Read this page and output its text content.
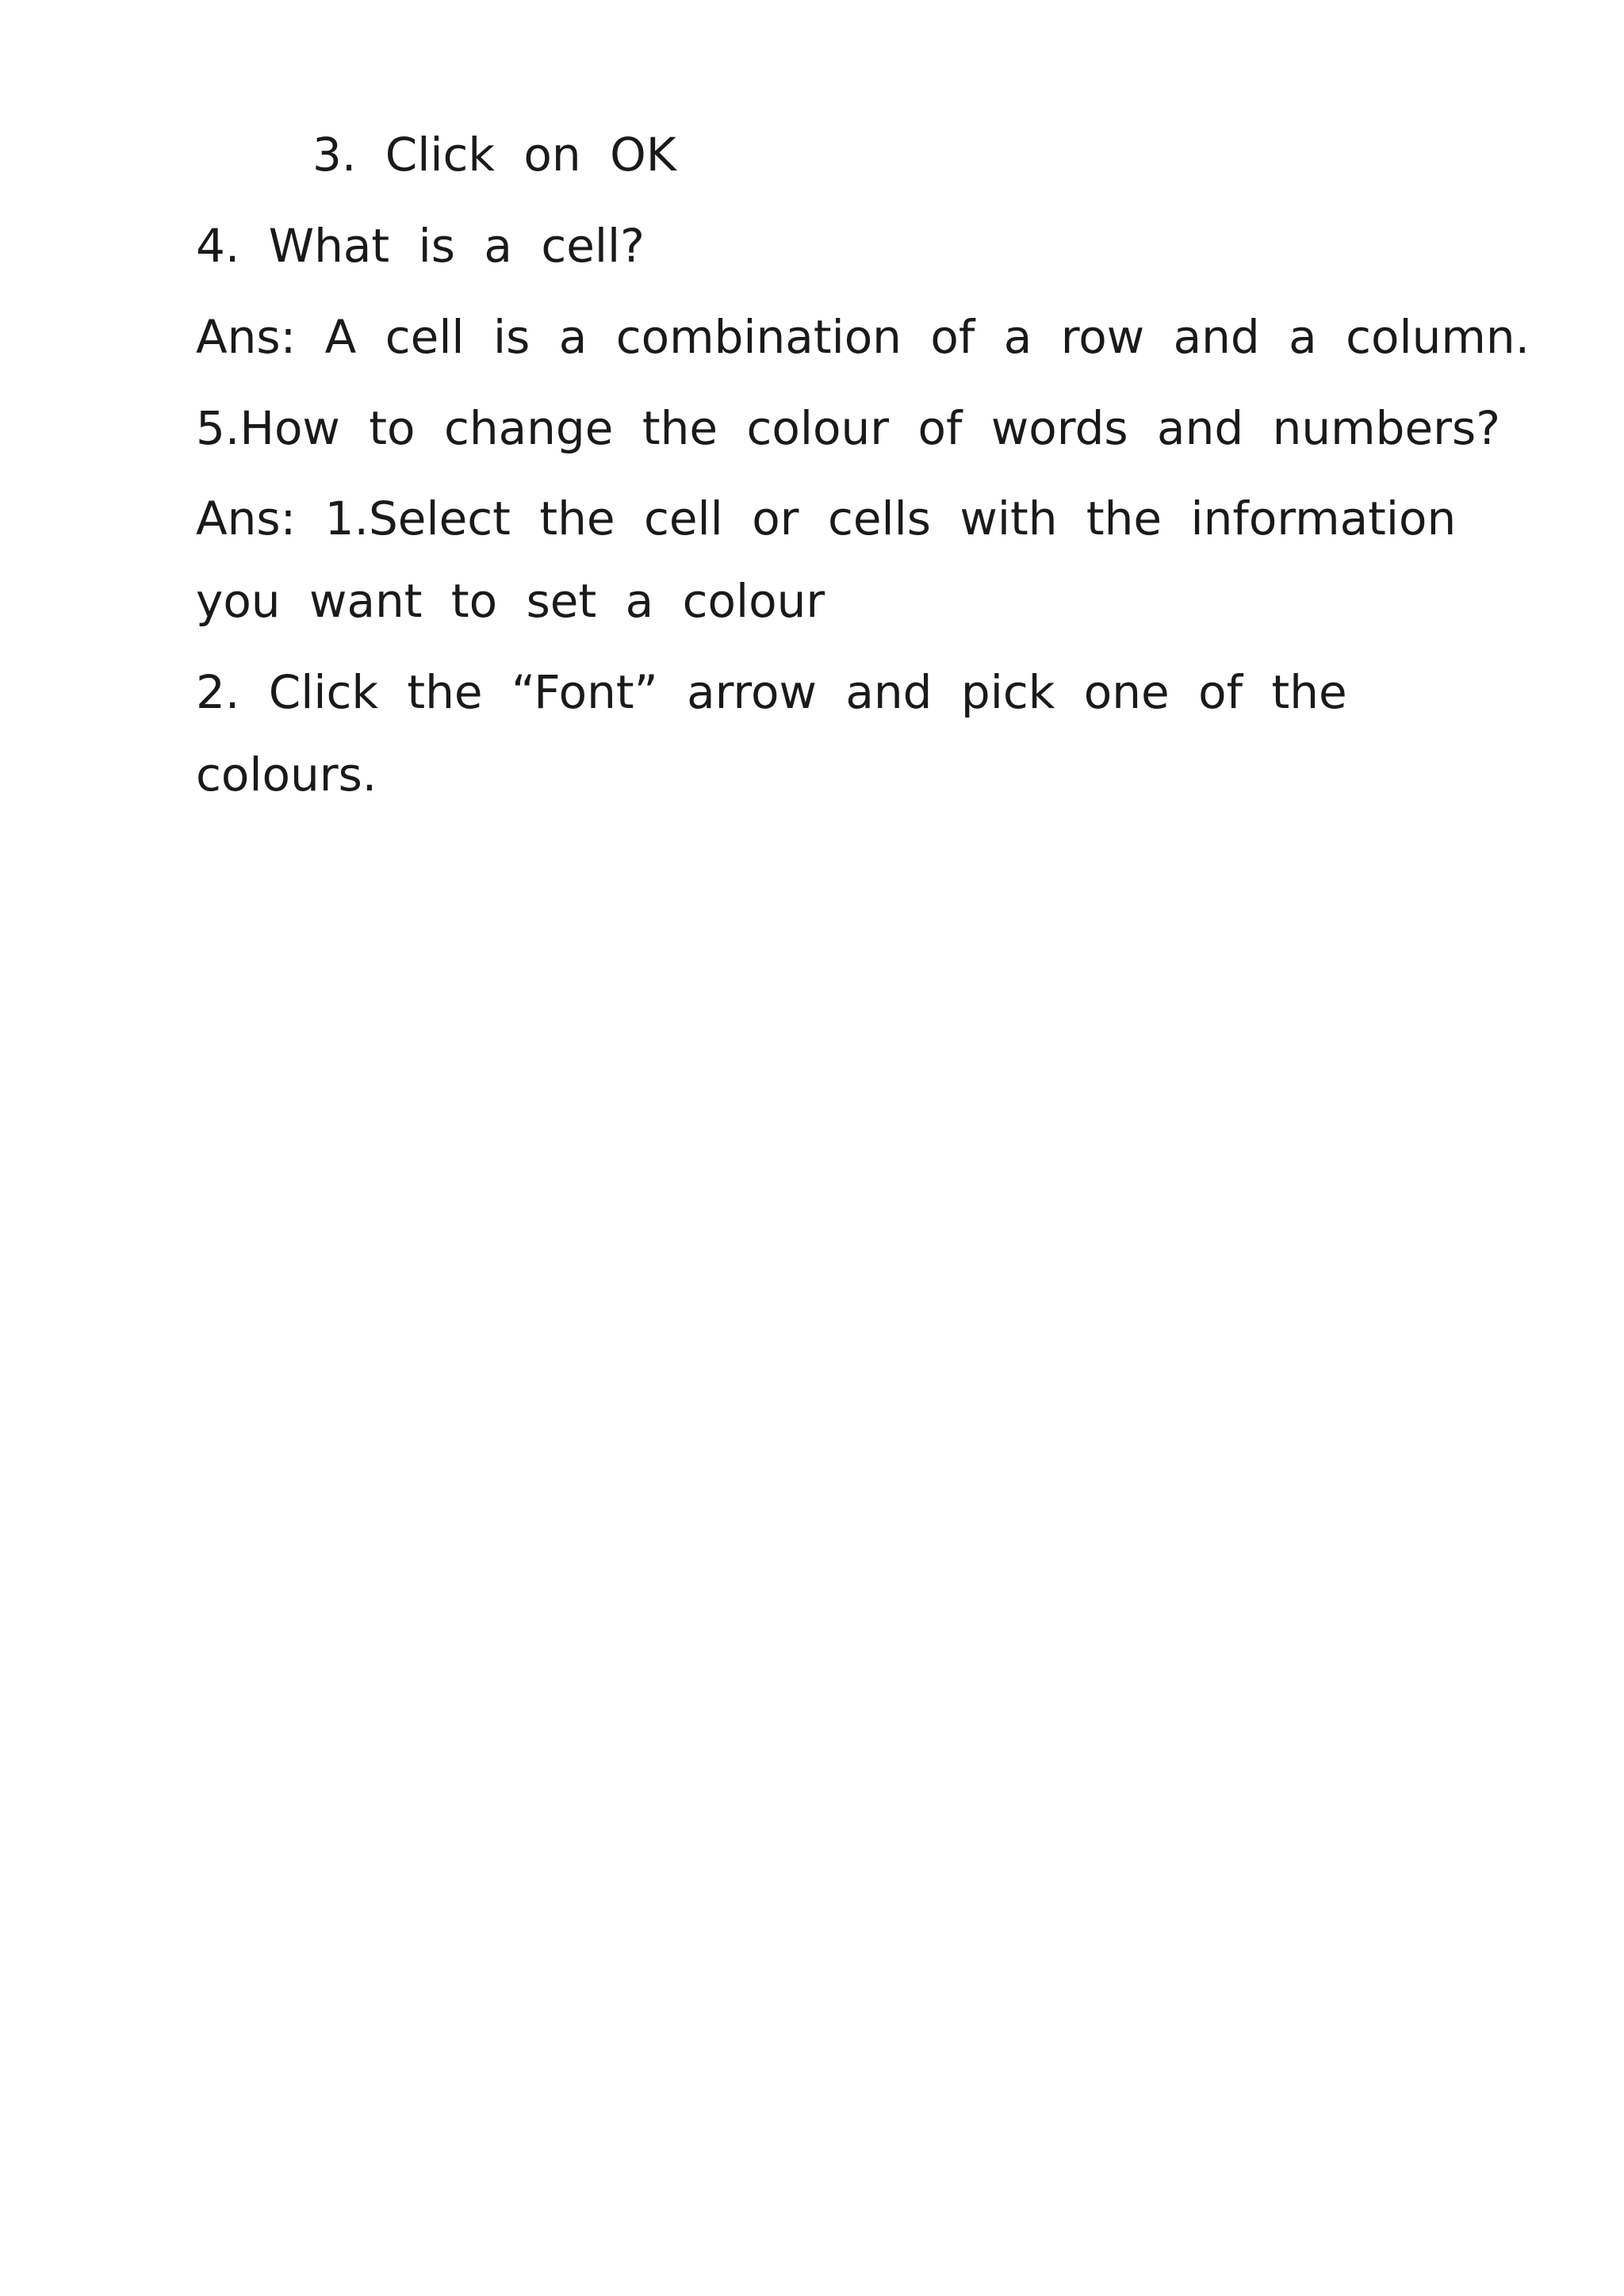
3. Click on OK

4. What is a cell?

Ans: A cell is a combination of a row and a column.

5.How to change the colour of words and numbers?

Ans: 1.Select the cell or cells with the information

you want to set a colour

2. Click the “Font” arrow and pick one of the

colours.
